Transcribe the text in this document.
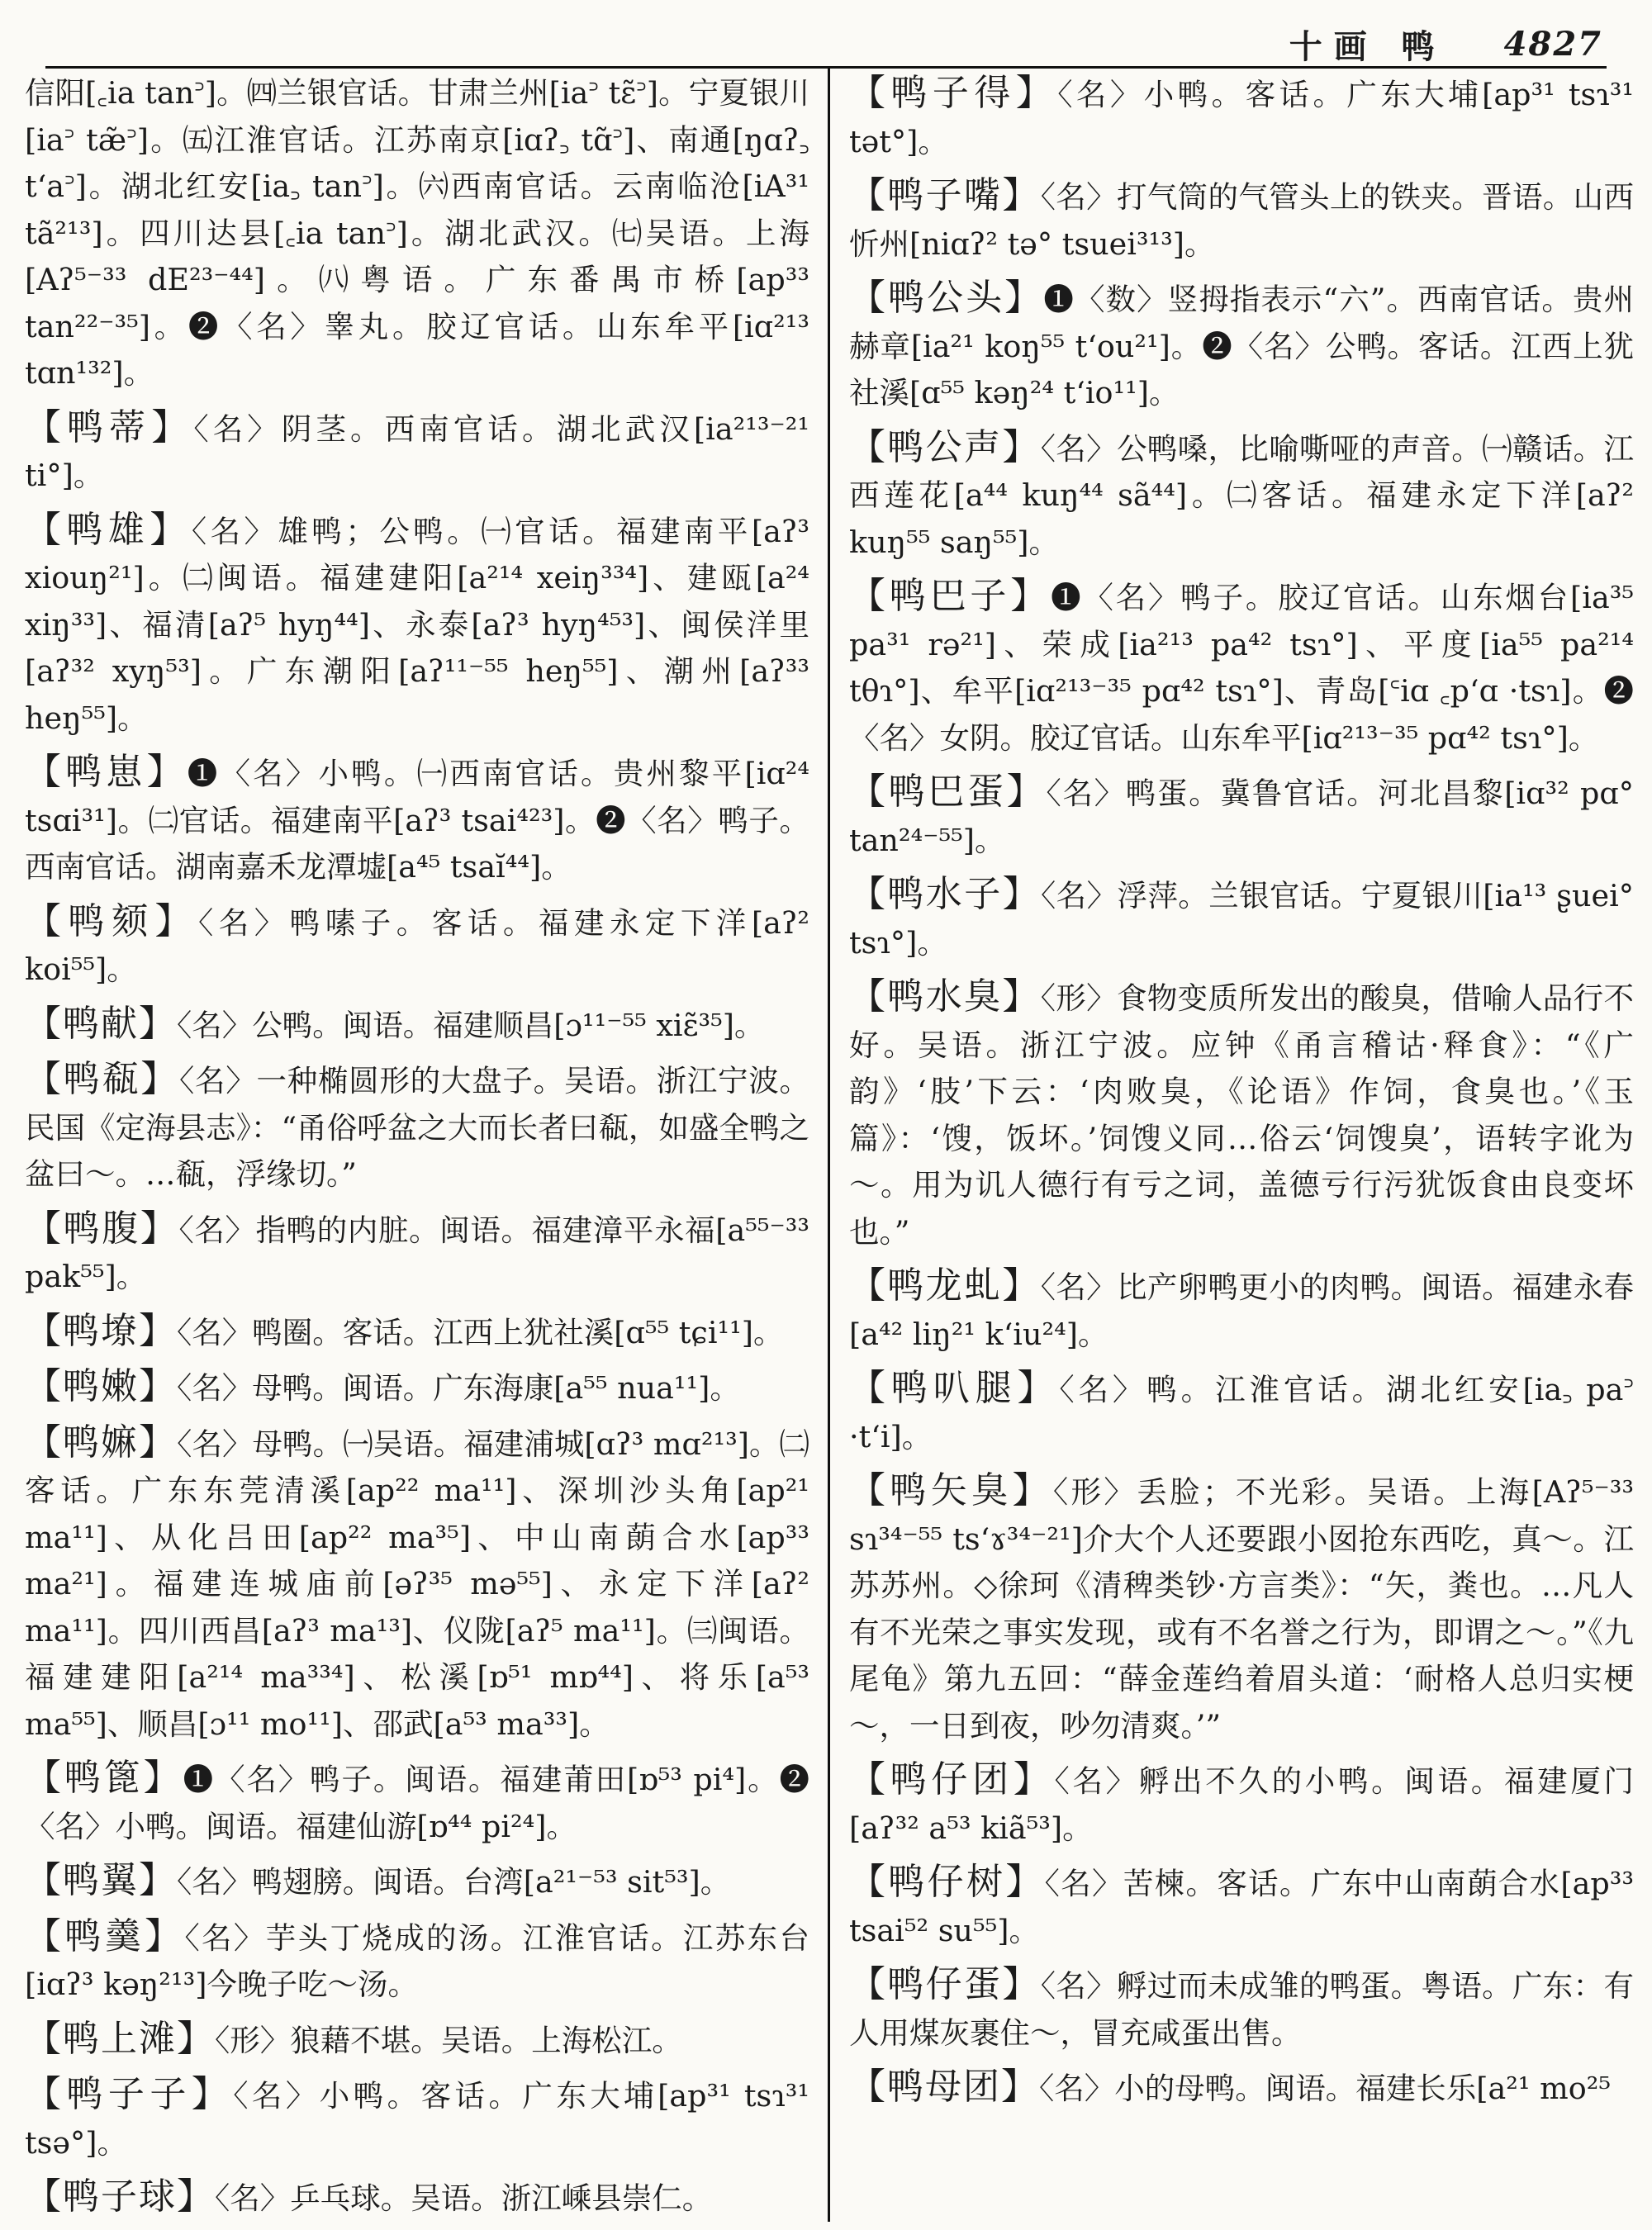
十画 鸭 4827

信阳[꜀ia tan꜄]。㈣兰银官话。甘肃兰州[ia꜄ tɛ̃꜄]。宁夏银川[ia꜄ tæ̃꜄]。㈤江淮官话。江苏南京[iɑʔ꜆ tɑ̃꜄]、南通[ŋɑʔ꜆ t‘a꜄]。湖北红安[ia꜆ tan꜄]。㈥西南官话。云南临沧[iA³¹ tã²¹³]。四川达县[꜀ia tan꜄]。湖北武汉。㈦吴语。上海[Aʔ⁵⁻³³ dE²³⁻⁴⁴]。㈧粤语。广东番禺市桥[ap³³ tan²²⁻³⁵]。❷〈名〉睾丸。胶辽官话。山东牟平[iɑ²¹³ tɑn¹³²]。

【鸭蒂】〈名〉阴茎。西南官话。湖北武汉[ia²¹³⁻²¹ ti°]。

【鸭雄】〈名〉雄鸭；公鸭。㈠官话。福建南平[aʔ³ xiouŋ²¹]。㈡闽语。福建建阳[a²¹⁴ xeiŋ³³⁴]、建瓯[a²⁴ xiŋ³³]、福清[aʔ⁵ hyŋ⁴⁴]、永泰[aʔ³ hyŋ⁴⁵³]、闽侯洋里[aʔ³² xyŋ⁵³]。广东潮阳[aʔ¹¹⁻⁵⁵ heŋ⁵⁵]、潮州[aʔ³³ heŋ⁵⁵]。

【鸭崽】❶〈名〉小鸭。㈠西南官话。贵州黎平[iɑ²⁴ tsɑi³¹]。㈡官话。福建南平[aʔ³ tsai⁴²³]。❷〈名〉鸭子。西南官话。湖南嘉禾龙潭墟[a⁴⁵ tsaĭ⁴⁴]。

【鸭颏】〈名〉鸭嗉子。客话。福建永定下洋[aʔ² koi⁵⁵]。

【鸭献】〈名〉公鸭。闽语。福建顺昌[ɔ¹¹⁻⁵⁵ xiɛ̃³⁵]。

【鸭瓻】〈名〉一种椭圆形的大盘子。吴语。浙江宁波。民国《定海县志》：“甬俗呼盆之大而长者曰瓻，如盛全鸭之盆曰～。…瓻，浮缘切。”

【鸭腹】〈名〉指鸭的内脏。闽语。福建漳平永福[a⁵⁵⁻³³ pak⁵⁵]。

【鸭㙩】〈名〉鸭圈。客话。江西上犹社溪[ɑ⁵⁵ tɕi¹¹]。

【鸭嫩】〈名〉母鸭。闽语。广东海康[a⁵⁵ nua¹¹]。

【鸭嫲】〈名〉母鸭。㈠吴语。福建浦城[ɑʔ³ mɑ²¹³]。㈡客话。广东东莞清溪[ap²² ma¹¹]、深圳沙头角[ap²¹ ma¹¹]、从化吕田[ap²² ma³⁵]、中山南蓢合水[ap³³ ma²¹]。福建连城庙前[əʔ³⁵ mə⁵⁵]、永定下洋[aʔ² ma¹¹]。四川西昌[aʔ³ ma¹³]、仪陇[aʔ⁵ ma¹¹]。㈢闽语。福建建阳[a²¹⁴ ma³³⁴]、松溪[ɒ⁵¹ mɒ⁴⁴]、将乐[a⁵³ ma⁵⁵]、顺昌[ɔ¹¹ mo¹¹]、邵武[a⁵³ ma³³]。

【鸭篦】❶〈名〉鸭子。闽语。福建莆田[ɒ⁵³ pi⁴]。❷〈名〉小鸭。闽语。福建仙游[ɒ⁴⁴ pi²⁴]。

【鸭翼】〈名〉鸭翅膀。闽语。台湾[a²¹⁻⁵³ sit⁵³]。

【鸭羹】〈名〉芋头丁烧成的汤。江淮官话。江苏东台[iɑʔ³ kəŋ²¹³]今晚子吃～汤。

【鸭上滩】〈形〉狼藉不堪。吴语。上海松江。

【鸭子子】〈名〉小鸭。客话。广东大埔[ap³¹ tsɿ³¹ tsə°]。

【鸭子球】〈名〉乒乓球。吴语。浙江嵊县崇仁。

【鸭子得】〈名〉小鸭。客话。广东大埔[ap³¹ tsɿ³¹ tət°]。

【鸭子嘴】〈名〉打气筒的气管头上的铁夹。晋语。山西忻州[niɑʔ² tə° tsuei³¹³]。

【鸭公头】❶〈数〉竖拇指表示“六”。西南官话。贵州赫章[ia²¹ koŋ⁵⁵ t‘ou²¹]。❷〈名〉公鸭。客话。江西上犹社溪[ɑ⁵⁵ kəŋ²⁴ t‘io¹¹]。

【鸭公声】〈名〉公鸭嗓，比喻嘶哑的声音。㈠赣话。江西莲花[a⁴⁴ kuŋ⁴⁴ sã⁴⁴]。㈡客话。福建永定下洋[aʔ² kuŋ⁵⁵ saŋ⁵⁵]。

【鸭巴子】❶〈名〉鸭子。胶辽官话。山东烟台[ia³⁵ pa³¹ rə²¹]、荣成[ia²¹³ pa⁴² tsɿ°]、平度[ia⁵⁵ pa²¹⁴ tθɿ°]、牟平[iɑ²¹³⁻³⁵ pɑ⁴² tsɿ°]、青岛[꜂iɑ ꜀p‘ɑ ·tsɿ]。❷〈名〉女阴。胶辽官话。山东牟平[iɑ²¹³⁻³⁵ pɑ⁴² tsɿ°]。

【鸭巴蛋】〈名〉鸭蛋。冀鲁官话。河北昌黎[iɑ³² pɑ° tan²⁴⁻⁵⁵]。

【鸭水子】〈名〉浮萍。兰银官话。宁夏银川[ia¹³ ʂuei° tsɿ°]。

【鸭水臭】〈形〉食物变质所发出的酸臭，借喻人品行不好。吴语。浙江宁波。应钟《甬言稽诂·释食》：“《广韵》‘肢’下云：‘肉败臭，《论语》作饲，食臭也。’《玉篇》：‘馊，饭坏。’饲馊义同…俗云‘饲馊臭’，语转字讹为～。用为讥人德行有亏之词，盖德亏行污犹饭食由良变坏也。”

【鸭龙虬】〈名〉比产卵鸭更小的肉鸭。闽语。福建永春[a⁴² liŋ²¹ k‘iu²⁴]。

【鸭叭腿】〈名〉鸭。江淮官话。湖北红安[ia꜆ pa꜄ ·t‘i]。

【鸭矢臭】〈形〉丢脸；不光彩。吴语。上海[Aʔ⁵⁻³³ sɿ³⁴⁻⁵⁵ ts‘ɤ³⁴⁻²¹]介大个人还要跟小囡抢东西吃，真～。江苏苏州。◇徐珂《清稗类钞·方言类》：“矢，粪也。…凡人有不光荣之事实发现，或有不名誉之行为，即谓之～。”《九尾龟》第九五回：“薛金莲绉着眉头道：‘耐格人总归实梗～，一日到夜，吵勿清爽。’”

【鸭仔团】〈名〉孵出不久的小鸭。闽语。福建厦门[aʔ³² a⁵³ kiã⁵³]。

【鸭仔树】〈名〉苦楝。客话。广东中山南蓢合水[ap³³ tsai⁵² su⁵⁵]。

【鸭仔蛋】〈名〉孵过而未成雏的鸭蛋。粤语。广东：有人用煤灰裹住～，冒充咸蛋出售。

【鸭母团】〈名〉小的母鸭。闽语。福建长乐[a²¹ mo²⁵
